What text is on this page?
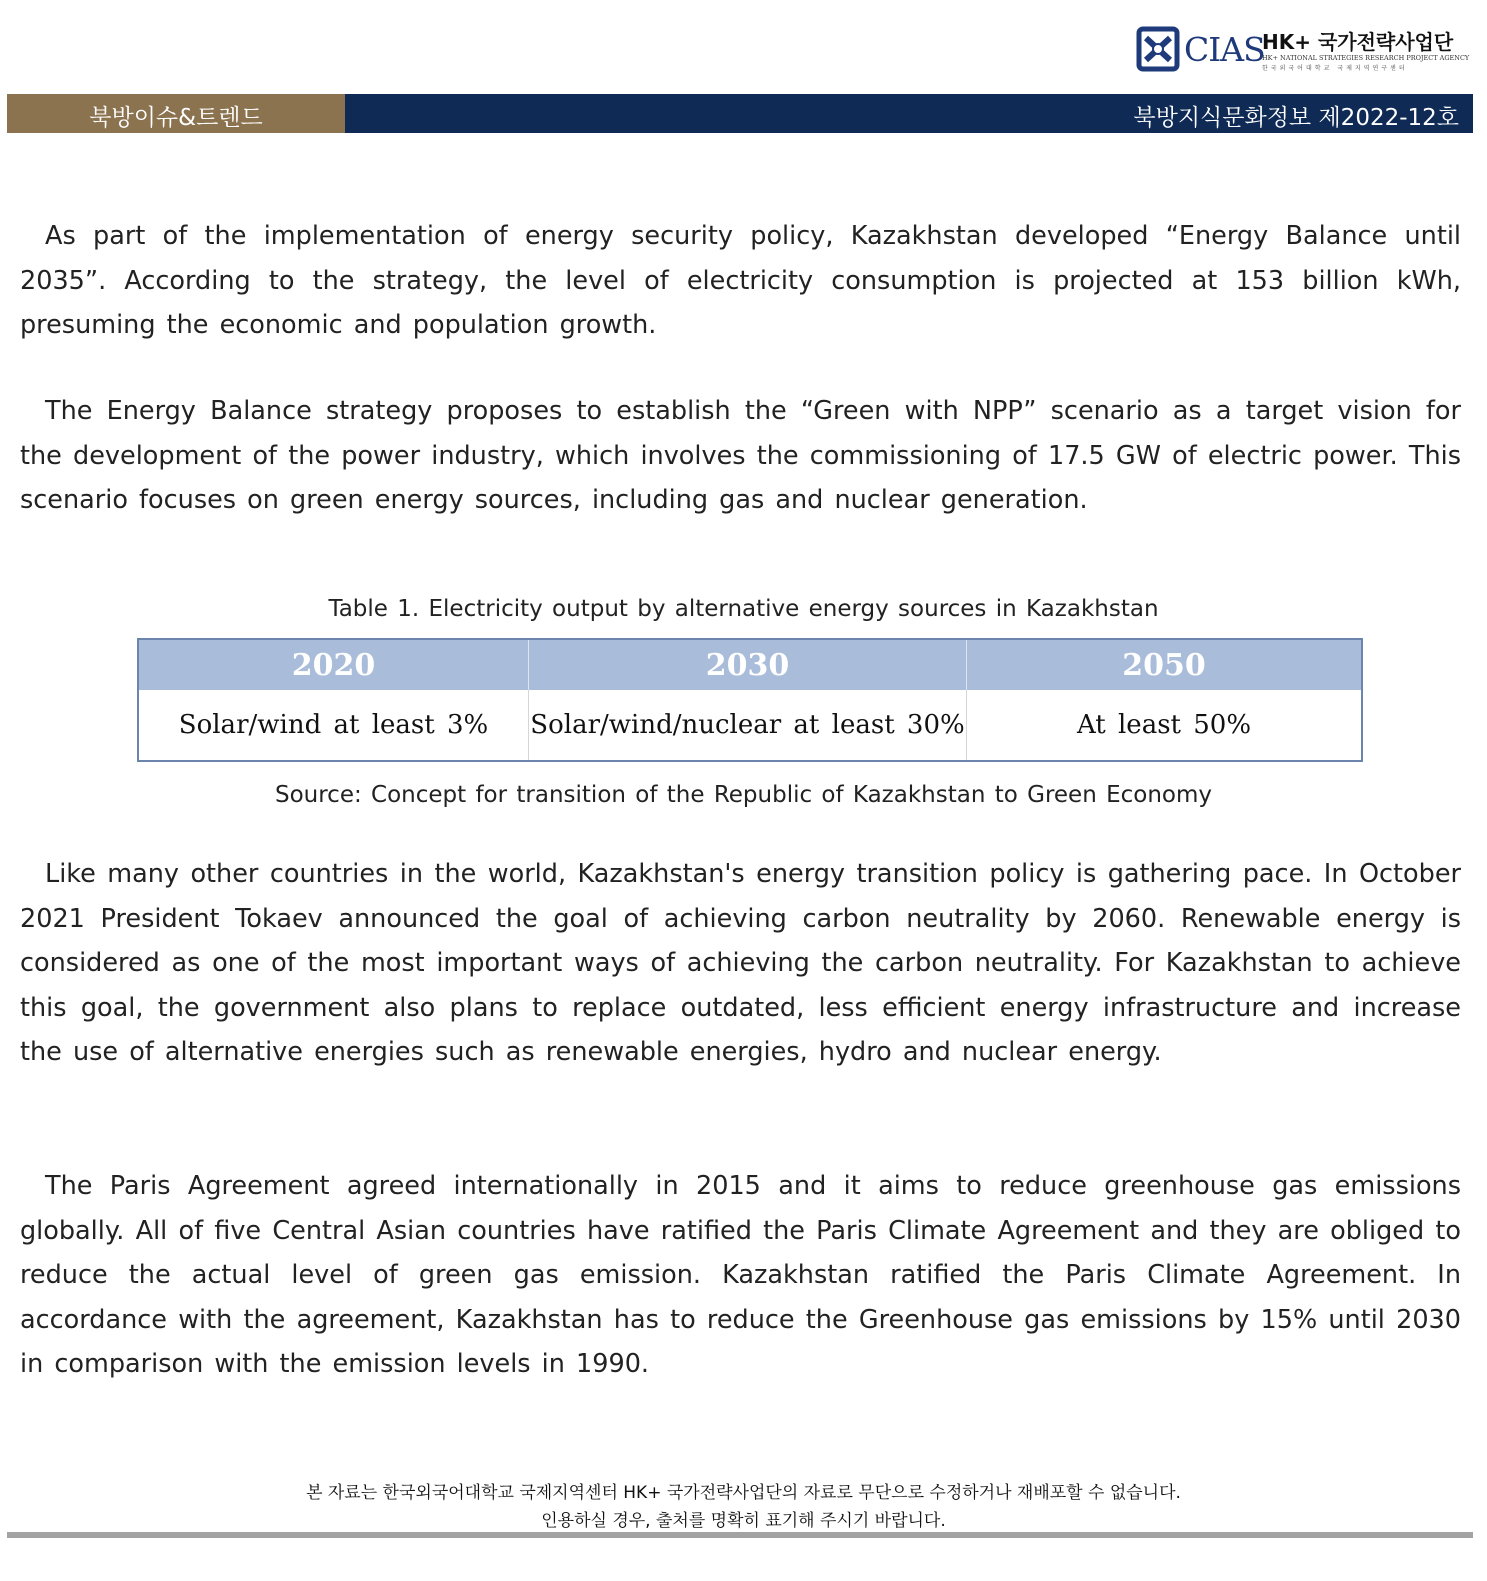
CIAS
HK+ 국가전략사업단
HK+ NATIONAL STRATEGIES RESEARCH PROJECT AGENCY
한국외국어대학교 국제지역연구센터
북방이슈&트렌드	북방지식문화정보 제2022-12호

As part of the implementation of energy security policy, Kazakhstan developed “Energy Balance until 2035”. According to the strategy, the level of electricity consumption is projected at 153 billion kWh, presuming the economic and population growth.

The Energy Balance strategy proposes to establish the “Green with NPP” scenario as a target vision for the development of the power industry, which involves the commissioning of 17.5 GW of electric power. This scenario focuses on green energy sources, including gas and nuclear generation.

Table 1. Electricity output by alternative energy sources in Kazakhstan
2020	2030	2050
Solar/wind at least 3%	Solar/wind/nuclear at least 30%	At least 50%
Source: Concept for transition of the Republic of Kazakhstan to Green Economy

Like many other countries in the world, Kazakhstan's energy transition policy is gathering pace. In October 2021 President Tokaev announced the goal of achieving carbon neutrality by 2060. Renewable energy is considered as one of the most important ways of achieving the carbon neutrality. For Kazakhstan to achieve this goal, the government also plans to replace outdated, less efficient energy infrastructure and increase the use of alternative energies such as renewable energies, hydro and nuclear energy.

The Paris Agreement agreed internationally in 2015 and it aims to reduce greenhouse gas emissions globally. All of five Central Asian countries have ratified the Paris Climate Agreement and they are obliged to reduce the actual level of green gas emission. Kazakhstan ratified the Paris Climate Agreement. In accordance with the agreement, Kazakhstan has to reduce the Greenhouse gas emissions by 15% until 2030 in comparison with the emission levels in 1990.

본 자료는 한국외국어대학교 국제지역센터 HK+ 국가전략사업단의 자료로 무단으로 수정하거나 재배포할 수 없습니다.
인용하실 경우, 출처를 명확히 표기해 주시기 바랍니다.
